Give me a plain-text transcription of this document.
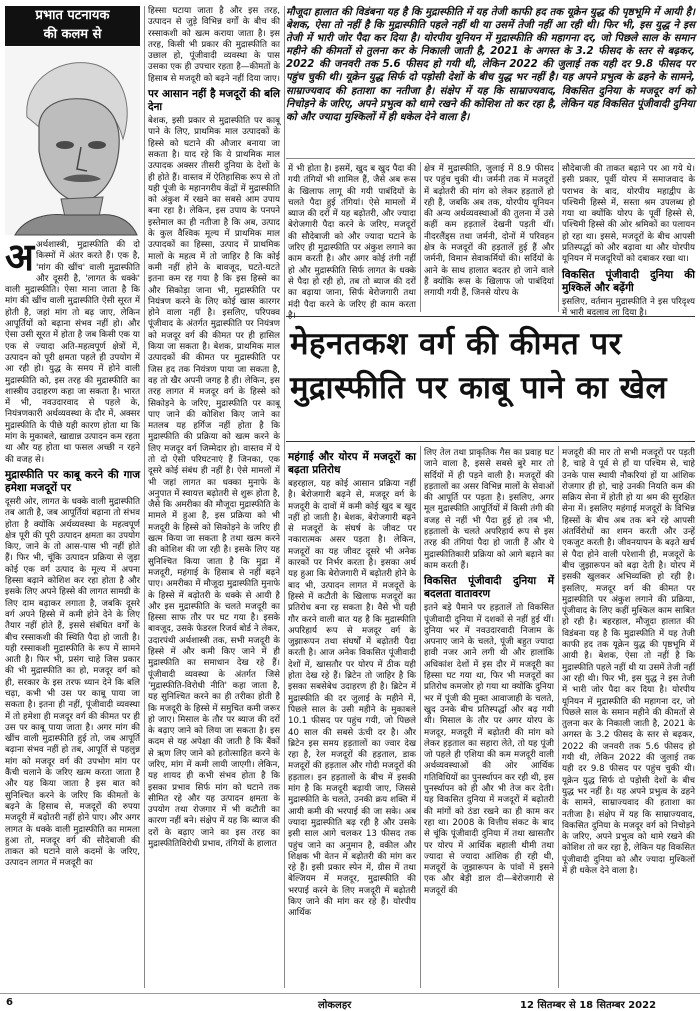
प्रभात पटनायक
की कलम से
मौजूदा हालात की विडंबना यह है कि मुद्रास्फीति में यह तेजी काफी हद तक यूक्रेन युद्ध की पृष्ठभूमि में आयी है। बेशक, ऐसा तो नहीं है कि मुद्रास्फीति पहले नहीं थी या उसमें तेजी नहीं आ रही थी। फिर भी, इस युद्ध ने इस तेजी में भारी जोर पैदा कर दिया है। योरपीय यूनियन में मुद्रास्फीति की महागना दर, जो पिछले साल के समान महीने की कीमतों से तुलना कर के निकाली जाती है, 2021 के अगस्त के 3.2 फीसद के स्तर से बढ़कर, 2022 की जनवरी तक 5.6 फीसद हो गयी थी, लेकिन 2022 की जुलाई तक यही दर 9.8 फीसद पर पहुंच चुकी थी। यूक्रेन युद्ध सिर्फ दो पड़ोसी देशों के बीच युद्ध भर नहीं है। यह अपने प्रभुत्व के ढहने के सामने, साम्राज्यवाद की हताशा का नतीजा है। संक्षेप में यह कि साम्राज्यवाद, विकसित दुनिया के मजदूर वर्ग को निचोड़ने के जरिए, अपने प्रभुत्व को थामे रखने की कोशिश तो कर रहा है, लेकिन यह विकसित पूंजीवादी दुनिया को और ज्यादा मुश्किलों में ही धकेल देने वाला है।
मेहनतकश वर्ग की कीमत पर
मुद्रास्फीति पर काबू पाने का खेल

अअर्थशास्त्री, मुद्रास्फीति की दो किस्मों में अंतर करते हैं। एक है, 'मांग की खींच' वाली मुद्रास्फीति और दूसरी है, 'लागत के धक्के' वाली मुद्रास्फीति। ऐसा माना जाता है कि मांग की खींच वाली मुद्रास्फीति ऐसी सूरत में होती है, जहां मांग तो बढ़ जाए, लेकिन आपूर्तियों को बढ़ाना संभव नहीं हो। और ऐसा उसी सूरत में होता है जब किसी एक या एक से ज्यादा अति-महत्वपूर्ण क्षेत्रों में, उत्पादन को पूरी क्षमता पहले ही उपयोग में आ रही हो। युद्ध के समय में होने वाली मुद्रास्फीति को, इस तरह की मुद्रास्फीति का शास्त्रीय उदाहरण कहा जा सकता है। भारत में भी, नवउदारवाद से पहले के, नियंत्रणकारी अर्थव्यवस्था के दौर में, अक्सर मुद्रास्फीति के पीछे यही कारण होता था कि मांग के मुकाबले, खाद्यान्न उत्पादन कम रहता था और यह होता था फसल अच्छी न रहने की वजह से।

मुद्रास्फीति पर काबू करने की गाज हमेशा मजदूरों पर

दूसरी ओर, लागत के धक्के वाली मुद्रास्फीति तब आती है, जब आपूर्तियां बढ़ाना तो संभव होता है क्योंकि अर्थव्यवस्था के महत्वपूर्ण क्षेत्र पूरी की पूरी उत्पादन क्षमता का उपयोग किए, जाने के तो आस-पास भी नहीं होते हैं। फिर भी, चूंकि उत्पादन प्रक्रिया से जुड़ा कोई एक वर्ग उत्पाद के मूल्य में अपना हिस्सा बढ़ाने कोशिश कर रहा होता है और इसके लिए अपने हिस्से की लागत सामग्री के लिए दाम बढ़ाकर लगाता है, जबकि दूसरे वर्ग अपने हिस्से में कमी होने देने के लिए तैयार नहीं होते हैं, इससे संबंधित वर्गों के बीच रस्साकशी की स्थिति पैदा हो जाती है। यही रस्साकशी मुद्रास्फीति के रूप में सामने आती है। फिर भी, प्रसंग चाहे जिस प्रकार की भी मुद्रास्फीति का हो, मजदूर वर्ग को ही, सरकार के इस तरफ ध्यान देने कि बलि चढ़ा, कभी भी उस पर काबू पाया जा सकता है। इतना ही नहीं, पूंजीवादी व्यवस्था में तो हमेशा ही मजदूर वर्ग की कीमत पर ही उस पर काबू पाया जाता है। अगर मांग की खींच वाली मुद्रास्फीति हुई तो, जब आपूर्ति बढ़ाना संभव नहीं हो तब, आपूर्ति से पहलुन्न मांग को मजदूर वर्ग की उपभोग मांग पर कैंची चलाने के जरिए खत्म करता जाता है और यह किया जाता है इस बात को सुनिश्चित करने के जरिए कि कीमतों के बढ़ने के हिसाब से, मजदूरों की रुपया मजदूरी में बढ़ोतरी नहीं होने पाए। और अगर लागत के धक्के वाली मुद्रास्फीति का मामला हुआ तो, मजदूर वर्ग की सौदेबाजी की ताकत को घटाने वाले कदमों के जरिए, उत्पादन लागत में मजदूरी का

हिस्सा घटाया जाता है और इस तरह, उत्पादन से जुड़े विभिन्न वर्गों के बीच की रस्साकशी को खत्म कराया जाता है। इस तरह, किसी भी प्रकार की मुद्रास्फीति का उछाल हो, पूंजीवादी व्यवस्था के पास उसका एक ही उपचार रहता है—कीमतों के हिसाब से मजदूरी को बढ़ने नहीं दिया जाए।

पर आसान नहीं है मजदूरों की बलि देना

बेशक, इसी प्रकार से मुद्रास्फीति पर काबू पाने के लिए, प्राथमिक माल उत्पादकों के हिस्से को घटाने की औजार बनाया जा सकता है। याद रहे कि ये प्राथमिक माल उत्पादक अक्सर तीसरी दुनिया के देशों के ही होते हैं। वास्तव में ऐतिहासिक रूप से तो यही पूंजी के महानगरीय केंद्रों में मुद्रास्फीति को अंकुश में रखने का सबसे आम उपाय बना रहा है। लेकिन, इस उपाय के पनपने इस्तेमाल का ही नतीजा है कि अब, उत्पाद के कुल वैश्विक मूल्य में प्राथमिक माल उत्पादकों का हिस्सा, उत्पाद में प्राथमिक मालों के महत्व में तो जाहिर है कि कोई कमी नहीं होने के बावजूद, घटते-घटते इतना कम रह गया है कि इस हिस्से का और सिकोड़ा जाना भी, मुद्रास्फीति पर नियंत्रण करने के लिए कोई खास कारगर होने वाला नहीं है। इसलिए, परिपक्व पूंजीवाद के अंतर्गत मुद्रास्फीति पर नियंत्रण को मजदूर वर्ग की कीमत पर ही हासिल किया जा सकता है। बेशक, प्राथमिक माल उत्पादकों की कीमत पर मुद्रास्फीति पर जिस हद तक नियंत्रण पाया जा सकता है, वह तो खैर अपनी जगह है ही। लेकिन, इस तरह लागत में मजदूर वर्ग के हिस्से को सिकोड़ने के जरिए, मुद्रास्फीति पर काबू पाए जाने की कोशिश किए जाने का मतलब यह हर्गिज नहीं होता है कि मुद्रास्फीति की प्रक्रिया को खत्म करने के लिए मजदूर वर्ग जिम्मेदार हो। वास्तव में ये तो दो ऐसी परिघटनाएं हैं जिनका, एक दूसरे कोई संबंध ही नहीं है। ऐसे मामलों में भी जहां लागत का धक्का मुनाफे के अनुपात में स्वायत्त बढ़ोतरी से शुरू होता है, जैसे कि अमरीका की मौजूदा मुद्रास्फीति के मामले में हुआ है, इस प्रक्रिया को भी मजदूरी के हिस्से को सिकोड़ने के जरिए ही खत्म किया जा सकता है तथा खत्म करने की कोशिश की जा रही है। इसके लिए यह सुनिश्चित किया जाता है कि मुद्रा में मजदूरी, महंगाई के हिसाब से नहीं बढ़ने पाए। अमरीका में मौजूदा मुद्रास्फीति मुनाफे के हिस्से में बढ़ोतरी के धक्के से आयी है और इस मुद्रास्फीति के चलते मजदूरी का हिस्सा साफ तौर पर घट गया है। इसके बावजूद, उसके फेडरल रिजर्व बोर्ड ने लेकर, उदारपंथी अर्थशास्त्री तक, सभी मजदूरी के हिस्से में और कमी किए जाने में ही मुद्रास्फीति का समाधान देख रहे हैं। पूंजीवादी व्यवस्था के अंतर्गत जिसे 'मुद्रास्फीति-विरोधी नीति' कहा जाता है, यह सुनिश्चित करने का ही तरीका होती है कि मजदूरी के हिस्से में समुचित कमी जरूर हो जाए। मिसाल के तौर पर ब्याज की दरों के बढ़ाए जाने को लिया जा सकता है। इस कदम से यह अपेक्षा की जाती है कि बैंकों से ऋण लिए जाने को हतोत्साहित करने के जरिए, मांग में कमी लायी जाएगी। लेकिन, यह शायद ही कभी संभव होता है कि इसका प्रभाव सिर्फ मांग को घटाने तक सीमित रहे और यह उत्पादन क्षमता के उपयोग तथा रोजगार में भी कटौती का कारण नहीं बने। संक्षेप में यह कि ब्याज की दरों के बढ़ाए जाने का इस तरह का मुद्रास्फीतिविरोधी प्रभाव, तंगियों के हालात

में भी होता है। इसमें, खुद ब खुद पैदा की गयी तंगियों भी शामिल हैं, जैसे अब रूस के खिलाफ लागू की गयी पाबंदियों के चलते पैदा हुई तंगियां। ऐसे मामलों में ब्याज की दरों में यह बढ़ोतरी, और ज्यादा बेरोजगारी पैदा करने के जरिए, मजदूरों की सौदेबाजी को और ज्यादा घटाने के जरिए ही मुद्रास्फीति पर अंकुश लगाने का काम करती है। और अगर कोई तंगी नहीं हो और मुद्रास्फीति सिर्फ लागत के धक्के से पैदा हो रही हो, तब तो ब्याज की दरों का बढ़ाया जाना, सिर्फ बेरोजगारी तथा मंदी पैदा करने के जरिए ही काम करता है।

क्षेत्र में मुद्रास्फीति, जुलाई में 8.9 फीसद पर पहुंच चुकी थी। जर्मनी तक में मजदूरों में बढ़ोतरी की मांग को लेकर हड़तालें हो रही हैं, जबकि अब तक, योरपीय यूनियन की अन्य अर्थव्यवस्थाओं की तुलना में उसे कहीं कम हड़तालें देखनी पड़ती थीं। नीदरलैंड्स तथा जर्मनी, दोनों में परिवहन क्षेत्र के मजदूरों की हड़तालें हुई हैं और जर्मनी, विमान सेवाकर्मियों की। सर्दियों के आने के साथ हालात बदतर हो जाने वाले हैं क्योंकि रूस के खिलाफ जो पाबंदियां लगायी गयी हैं, जिनसे योरप के

सौदेबाजी की ताकत बढ़ाने पर आ गये थे। इसी प्रकार, पूर्वी योरप में समाजवाद के पराभव के बाद, योरपीय महाद्वीप के पश्चिमी हिस्से में, सस्ता श्रम उपलब्ध हो गया था क्योंकि योरप के पूर्वी हिस्से से, पश्चिमी हिस्से की ओर श्रमिकों का पलायन हो रहा था। इससे, मजदूरों के बीच आपसी प्रतिस्पर्द्धा को और बढ़ावा था और योरपीय यूनियन में मजदूरियों को दबाकर रखा था।

विकसित पूंजीवादी दुनिया की मुश्किलें और बढ़ेंगी

इसलिए, वर्तमान मुद्रास्फीति ने इस परिदृश्य में भारी बदलाव ला दिया है।

महंगाई और योरप में मजदूरों का बढ़ता प्रतिरोध

बहरहाल, यह कोई आसान प्रक्रिया नहीं है। बेरोजगारी बढ़ने से, मजदूर वर्ग के मजदूरी के दावों में कमी कोई खुद ब खुद नहीं हो जाती है। बेशक, बेरोजगारी बढ़ने से मजदूरों के संघर्ष के जीवट पर नकारात्मक असर पड़ता है। लेकिन, मजदूरों का यह जीवट दूसरे भी अनेक कारकों पर निर्भर करता है। इसका अर्थ यह हुआ कि बेरोजगारी में बढ़ोतरी होने के बाद भी, उत्पादन लागत में मजदूरों के हिस्से में कटौती के खिलाफ मजदूरों का प्रतिरोध बना रह सकता है। वैसे भी यही गौर करने वाली बात यह है कि मुद्रास्फीति अपरिहार्य रूप से मजदूर वर्ग के जुझारूपन तथा संघर्षों में बढ़ोतरी पैदा करती है। आज अनेक विकसित पूंजीवादी देशों में, खासतौर पर योरप में ठीक यही होता देख रहे हैं। ब्रिटेन तो जाहिर है कि इसका सबसेबेध उदाहरण ही है। ब्रिटेन में मुद्रास्फीति की दर जुलाई के महीने में, पिछले साल के उसी महीने के मुकाबले 10.1 फीसद पर पहुंच गयी, जो पिछले 40 साल की सबसे ऊंची दर है। और ब्रिटेन इस समय हड़तालों का ज्वार देख रहा है, रेल मजदूरों की हड़ताल, डाक मजदूरों की हड़ताल और गोदी मजदूरों की हड़ताल। इन हड़तालों के बीच में इसकी मांग है कि मजदूरी बढ़ायी जाए, जिससे मुद्रास्फीति के चलते, उनकी क्रय शक्ति में आयी कमी की भरपाई की जा सके। अब ज्यादा मुद्रास्फीति बढ़ रही है और उसके इसी साल आगे चलकर 13 फीसद तक पहुंच जाने का अनुमान है, वकील और शिक्षक भी वेतन में बढ़ोतरी की मांग कर रहे हैं। इसी प्रकार स्पेन में, ग्रीस में तथा बेल्जियम में मजदूर, मुद्रास्फीति की भरपाई करने के लिए मजदूरी में बढ़ोतरी किए जाने की मांग कर रहे हैं। योरपीय आर्थिक

लिए तेल तथा प्राकृतिक गैस का प्रवाह घट जाने वाला है, इससे सबसे बुरे मार तो सर्दियों में ही पड़ने वाली है। मजदूरों की हड़तालों का असर विभिन्न मालों के सेवाओं की आपूर्ति पर पड़ता है। इसलिए, अगर मूल मुद्रास्फीति आपूर्तियों में किसी तंगी की वजह से नहीं भी पैदा हुई हो तब भी, हड़तालों के चलते अपरिहार्य रूप से इस तरह की तंगियां पैदा हो जाती हैं और ये मुद्रास्फीतिकारी प्रक्रिया को आगे बढ़ाने का काम करती हैं।

विकसित पूंजीवादी दुनिया में बदलता वातावरण

इतने बड़े पैमाने पर हड़तालें तो विकसित पूंजीवादी दुनिया में दशकों से नहीं हुई थीं। दुनिया भर में नवउदारवादी निजाम के अपनाए जाने के चलते, पूंजी बहुत ज्यादा हावी नजर आने लगी थी और हालांकि अधिकांश देशों में इस दौर में मजदूरी का हिस्सा घट गया था, फिर भी मजदूरों का प्रतिरोध कमजोर हो गया था क्योंकि दुनिया भर में पूंजी की मुक्त आवाजाही के चलते, खुद उनके बीच प्रतिस्पर्द्धा और बढ़ गयी थी। मिसाल के तौर पर अगर योरप के मजदूर, मजदूरी में बढ़ोतरी की मांग को लेकर हड़ताल का सहारा लेते, तो यह पूंजी जो पहले ही एशिया की कम मजदूरी वाली अर्थव्यवस्थाओं की ओर आर्थिक गतिविधियों का पुनर्स्थापन कर रही थी, इस पुनर्स्थापन को ही और भी तेज कर देती। यह विकसित दुनिया में मजदूरों में बढ़ोतरी की मांगों को ठंडा रखने का ही काम कर रहा था। 2008 के वित्तीय संकट के बाद से चूंकि पूंजीवादी दुनिया में तथा खासतौर पर योरप में आर्थिक बहाली थीमी तथा ज्यादा से ज्यादा आंशिक ही रही थी, मजदूरों के जुझारूपन के पांवों में इसने एक और बेड़ी डाल दी—बेरोजगारी से मजदूरों की

मजदूरी की मार तो सभी मजदूरों पर पड़ती है, चाहे वे पूर्व से हों या पश्चिम से, चाहे उनके पास स्थायी नौकरियां हों या आंशिक रोजगार ही हो, चाहे उनकी नियति कम की सक्रिय सेना में होती हो या श्रम की सुरक्षित सेना में। इसलिए महंगाई मजदूरों के विभिन्न हिस्सों के बीच अब तक बने रहे आपसी अंतर्विरोधों का शमन करती और उन्हें एकजुट करती है। जीवनयापन के बढ़ते खर्च से पैदा होने वाली परेशानी ही, मजदूरों के बीच जुझारूपन को बढ़ा देती है। योरप में इसकी खुलकर अभिव्यक्ति हो रही है। इसलिए, मजदूर वर्ग की कीमत पर मुद्रास्फीति पर अंकुश लगाने की प्रक्रिया, पूंजीवाद के लिए कहीं मुश्किल काम साबित हो रही है। बहरहाल, मौजूदा हालात की विडंबना यह है कि मुद्रास्फीति में यह तेजी काफी हद तक यूक्रेन युद्ध की पृष्ठभूमि में आयी है। बेशक, ऐसा तो नहीं है कि मुद्रास्फीति पहले नहीं थी या उसमें तेजी नहीं आ रही थी। फिर भी, इस युद्ध ने इस तेजी में भारी जोर पैदा कर दिया है। योरपीय यूनियन में मुद्रास्फीति की महागना दर, जो पिछले साल के समान महीने की कीमतों से तुलना कर के निकाली जाती है, 2021 के अगस्त के 3.2 फीसद के स्तर से बढ़कर, 2022 की जनवरी तक 5.6 फीसद हो गयी थी, लेकिन 2022 की जुलाई तक यही दर 9.8 फीसद पर पहुंच चुकी थी। यूक्रेन युद्ध सिर्फ दो पड़ोसी देशों के बीच युद्ध भर नहीं है। यह अपने प्रभुत्व के ढहने के सामने, साम्राज्यवाद की हताशा का नतीजा है। संक्षेप में यह कि साम्राज्यवाद, विकसित दुनिया के मजदूर वर्ग को निचोड़ने के जरिए, अपने प्रभुत्व को थामे रखने की कोशिश तो कर रहा है, लेकिन यह विकसित पूंजीवादी दुनिया को और ज्यादा मुश्किलों में ही धकेल देने वाला है।

6	लोकलहर	12 सितम्बर से 18 सितम्बर 2022
